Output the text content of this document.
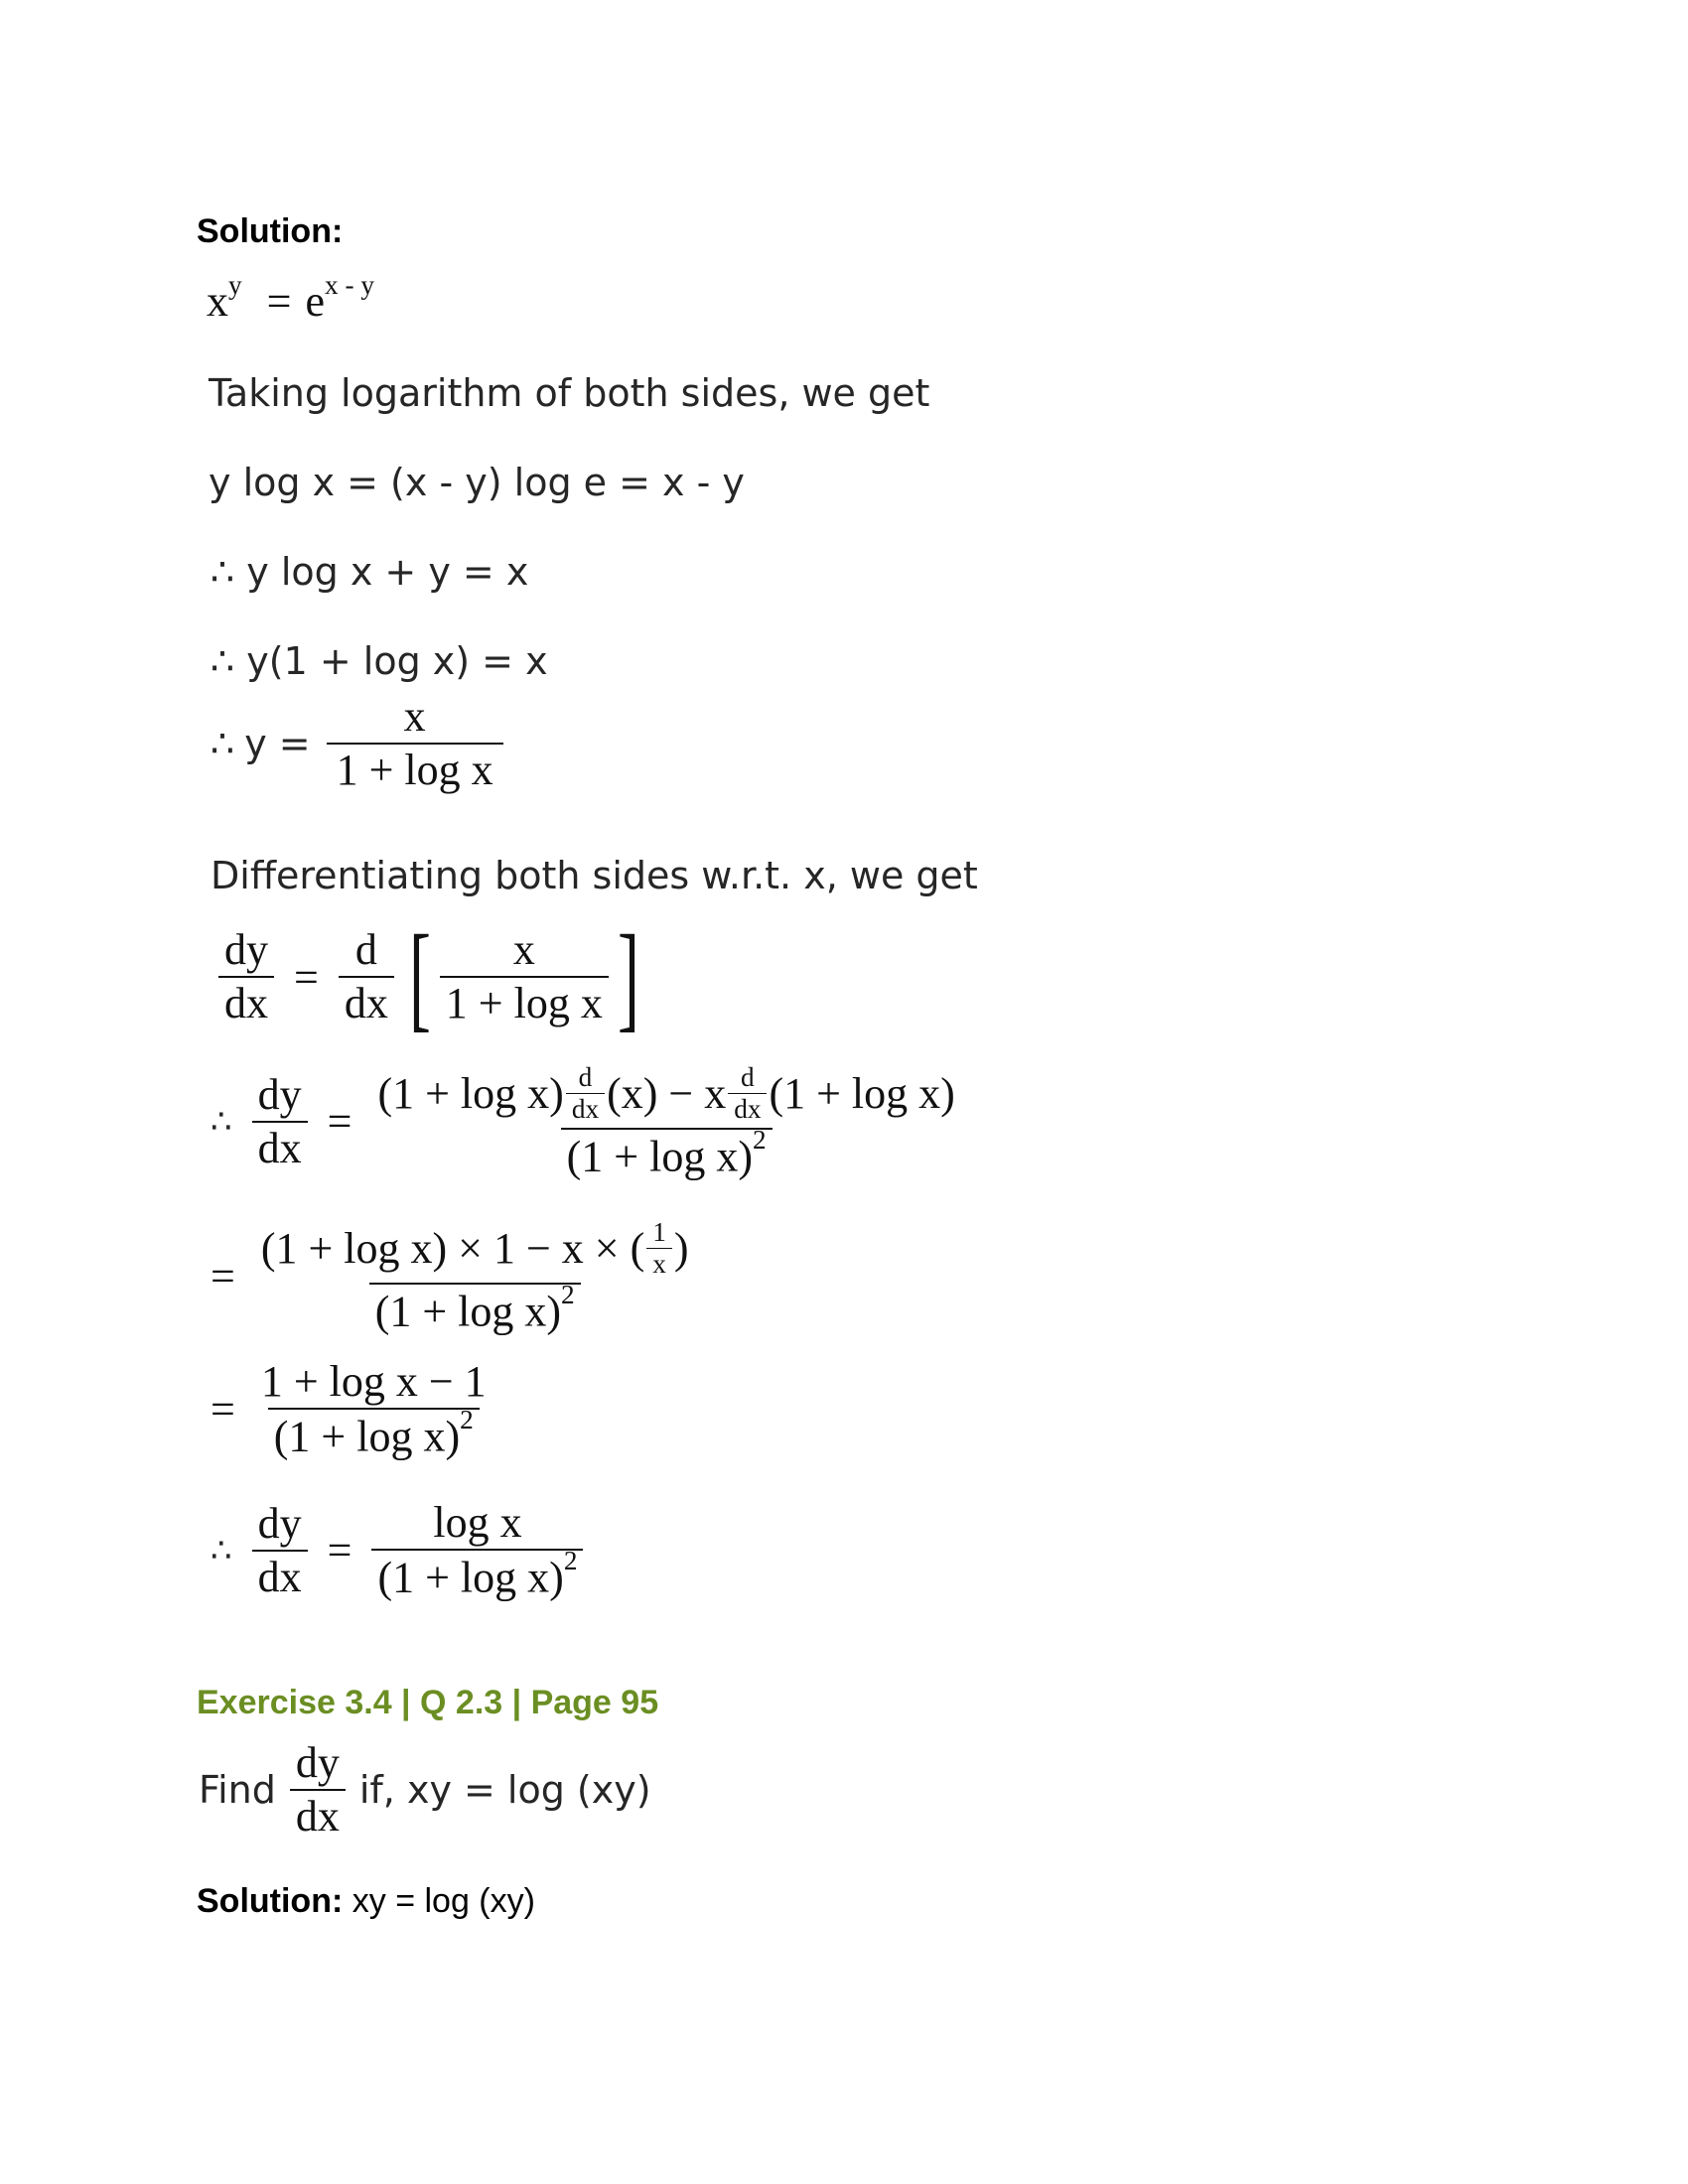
Solution:
$x^y = e^{x - y}$
Taking logarithm of both sides, we get
y log x = (x - y) log e = x - y
∴ y log x + y = x
∴ y(1 + log x) = x
∴ $y = \frac{x}{\text{1 + log x}}$
Differentiating both sides w.r.t. x, we get
$\frac{dy}{dx} = \frac{d}{dx}$ [ $\frac{x}{\text{1 + log x}}$ ]
∴ $\frac{dy}{dx}$ =
$(1 + \log x) \frac{d}{dx} (x) - x \frac{d}{dx} (1 + \log x)$
$(1 + \log x)^2$
=
(1 + log x) × 1 − x × ( $\frac{1}{x}$ )
$(1 + \log x)^2$
= $\frac{\text{1 + log x − 1}}{(1 + \log x)^2}$
∴ $\frac{dy}{dx} = \frac{\text{log x}}{(1 + \log x)^2}$
Exercise 3.4 | Q 2.3 | Page 95
Find $\frac{dy}{dx}$ if, xy = log (xy)
Solution: xy = log (xy)
